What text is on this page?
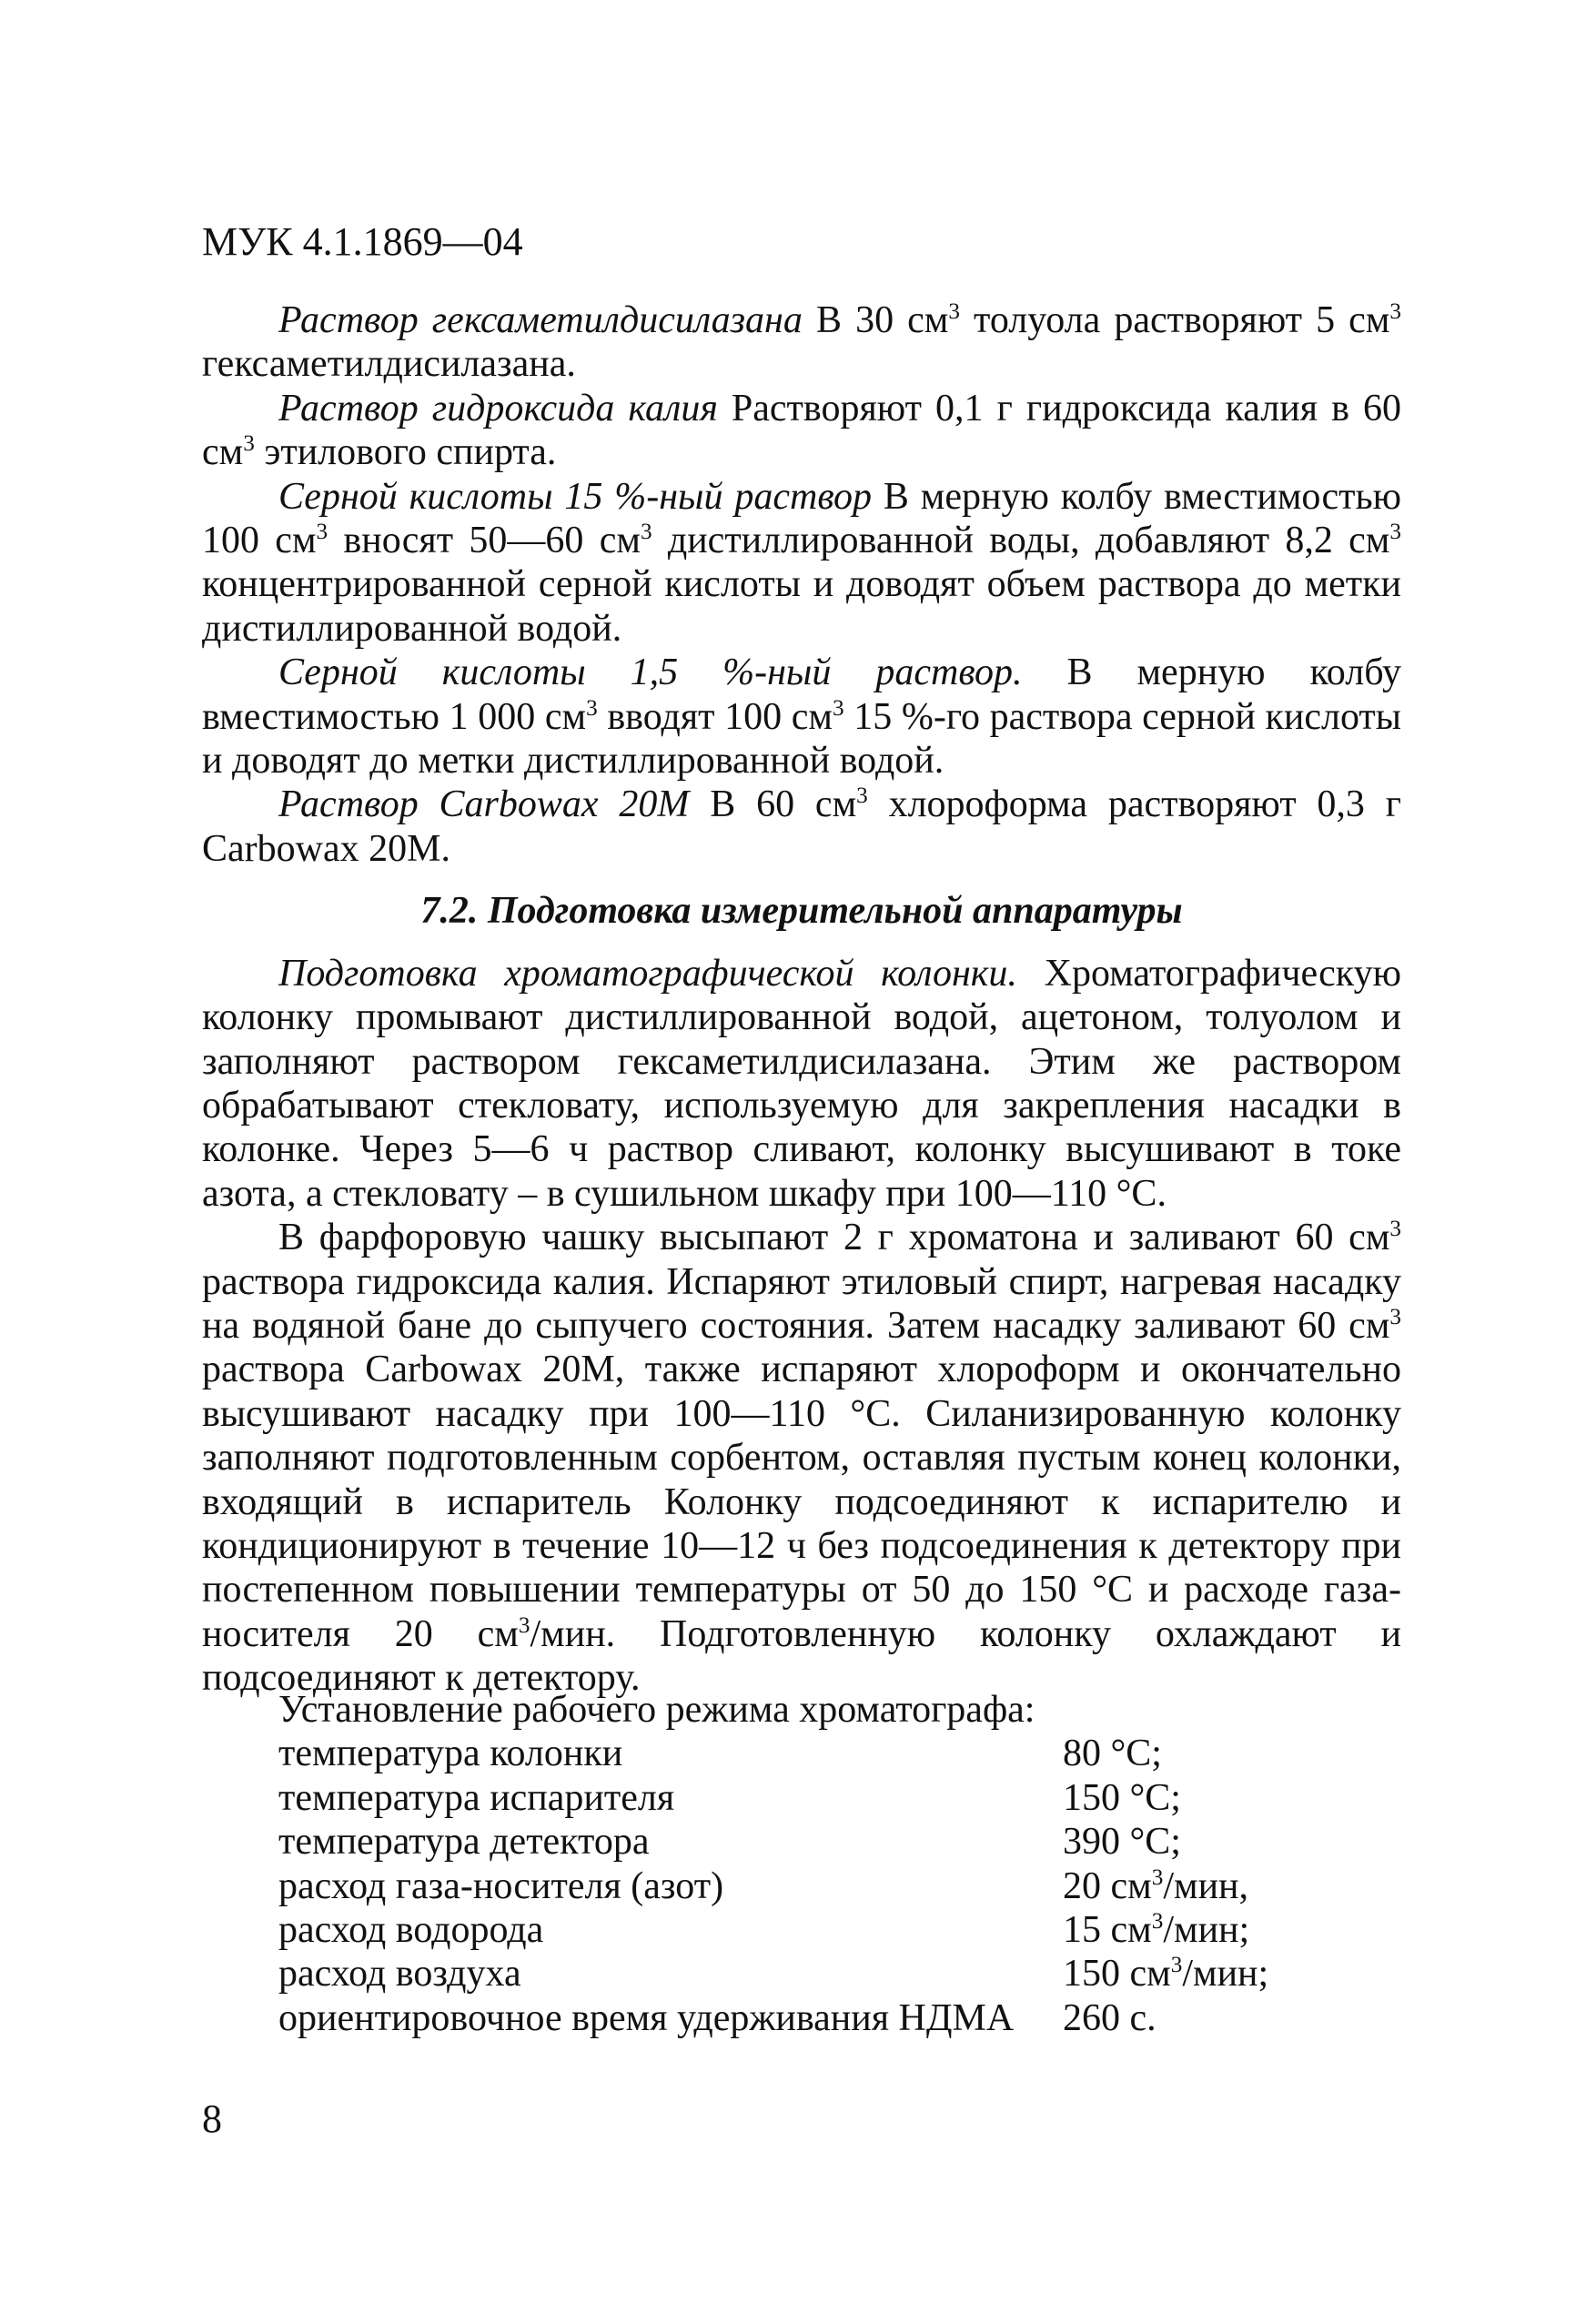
МУК 4.1.1869—04

Раствор гексаметилдисилазана В 30 $см^3$ толуола растворяют 5 $см^3$ гексаметилдисилазана.

Раствор гидроксида калия Растворяют 0,1 г гидроксида калия в 60 $см^3$ этилового спирта.

Серной кислоты 15 %-ный раствор В мерную колбу вместимостью 100 $см^3$ вносят 50—60 $см^3$ дистиллированной воды, добавляют 8,2 $см^3$ концентрированной серной кислоты и доводят объем раствора до метки дистиллированной водой.

Серной кислоты 1,5 %-ный раствор. В мерную колбу вместимостью 1 000 $см^3$ вводят 100 $см^3$ 15 %-го раствора серной кислоты и доводят до метки дистиллированной водой.

Раствор Carbowax 20M В 60 $см^3$ хлороформа растворяют 0,3 г Carbowax 20M.

7.2. Подготовка измерительной аппаратуры

Подготовка хроматографической колонки. Хроматографическую колонку промывают дистиллированной водой, ацетоном, толуолом и заполняют раствором гексаметилдисилазана. Этим же раствором обрабатывают стекловату, используемую для закрепления насадки в колонке. Через 5—6 ч раствор сливают, колонку высушивают в токе азота, а стекловату – в сушильном шкафу при 100—110 °C.

В фарфоровую чашку высыпают 2 г хроматона и заливают 60 $см^3$ раствора гидроксида калия. Испаряют этиловый спирт, нагревая насадку на водяной бане до сыпучего состояния. Затем насадку заливают 60 $см^3$ раствора Carbowax 20M, также испаряют хлороформ и окончательно высушивают насадку при 100—110 °C. Силанизированную колонку заполняют подготовленным сорбентом, оставляя пустым конец колонки, входящий в испаритель Колонку подсоединяют к испарителю и кондиционируют в течение 10—12 ч без подсоединения к детектору при постепенном повышении температуры от 50 до 150 °C и расходе газа-носителя 20 $см^3$/мин. Подготовленную колонку охлаждают и подсоединяют к детектору.

Установление рабочего режима хроматографа:

температура колонки	80 °C;
температура испарителя	150 °C;
температура детектора	390 °C;
расход газа-носителя (азот)	20 $см^3$/мин,
расход водорода	15 $см^3$/мин;
расход воздуха	150 $см^3$/мин;
ориентировочное время удерживания НДМА	260 с.
8
